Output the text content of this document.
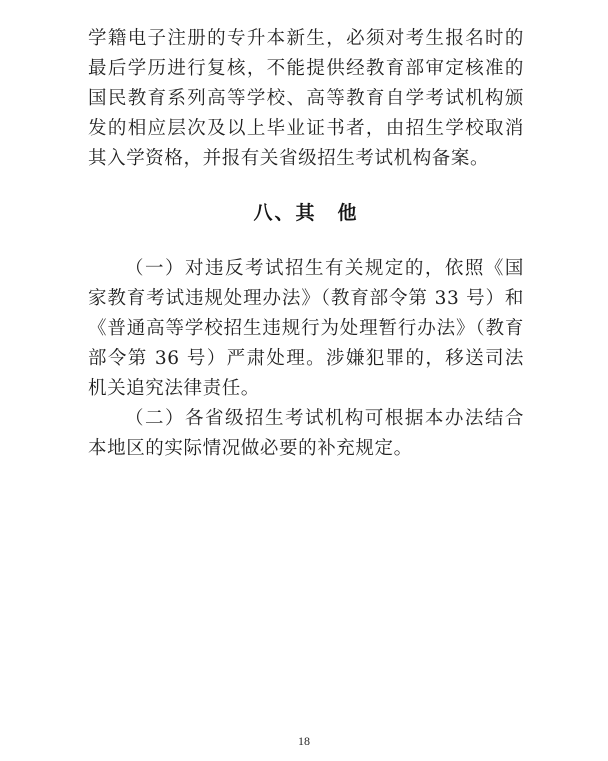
学籍电子注册的专升本新生，必须对考生报名时的最后学历进行复核，不能提供经教育部审定核准的国民教育系列高等学校、高等教育自学考试机构颁发的相应层次及以上毕业证书者，由招生学校取消其入学资格，并报有关省级招生考试机构备案。

八、其　他

（一）对违反考试招生有关规定的，依照《国家教育考试违规处理办法》（教育部令第 33 号）和《普通高等学校招生违规行为处理暂行办法》（教育部令第 36 号）严肃处理。涉嫌犯罪的，移送司法机关追究法律责任。

（二）各省级招生考试机构可根据本办法结合本地区的实际情况做必要的补充规定。

18
